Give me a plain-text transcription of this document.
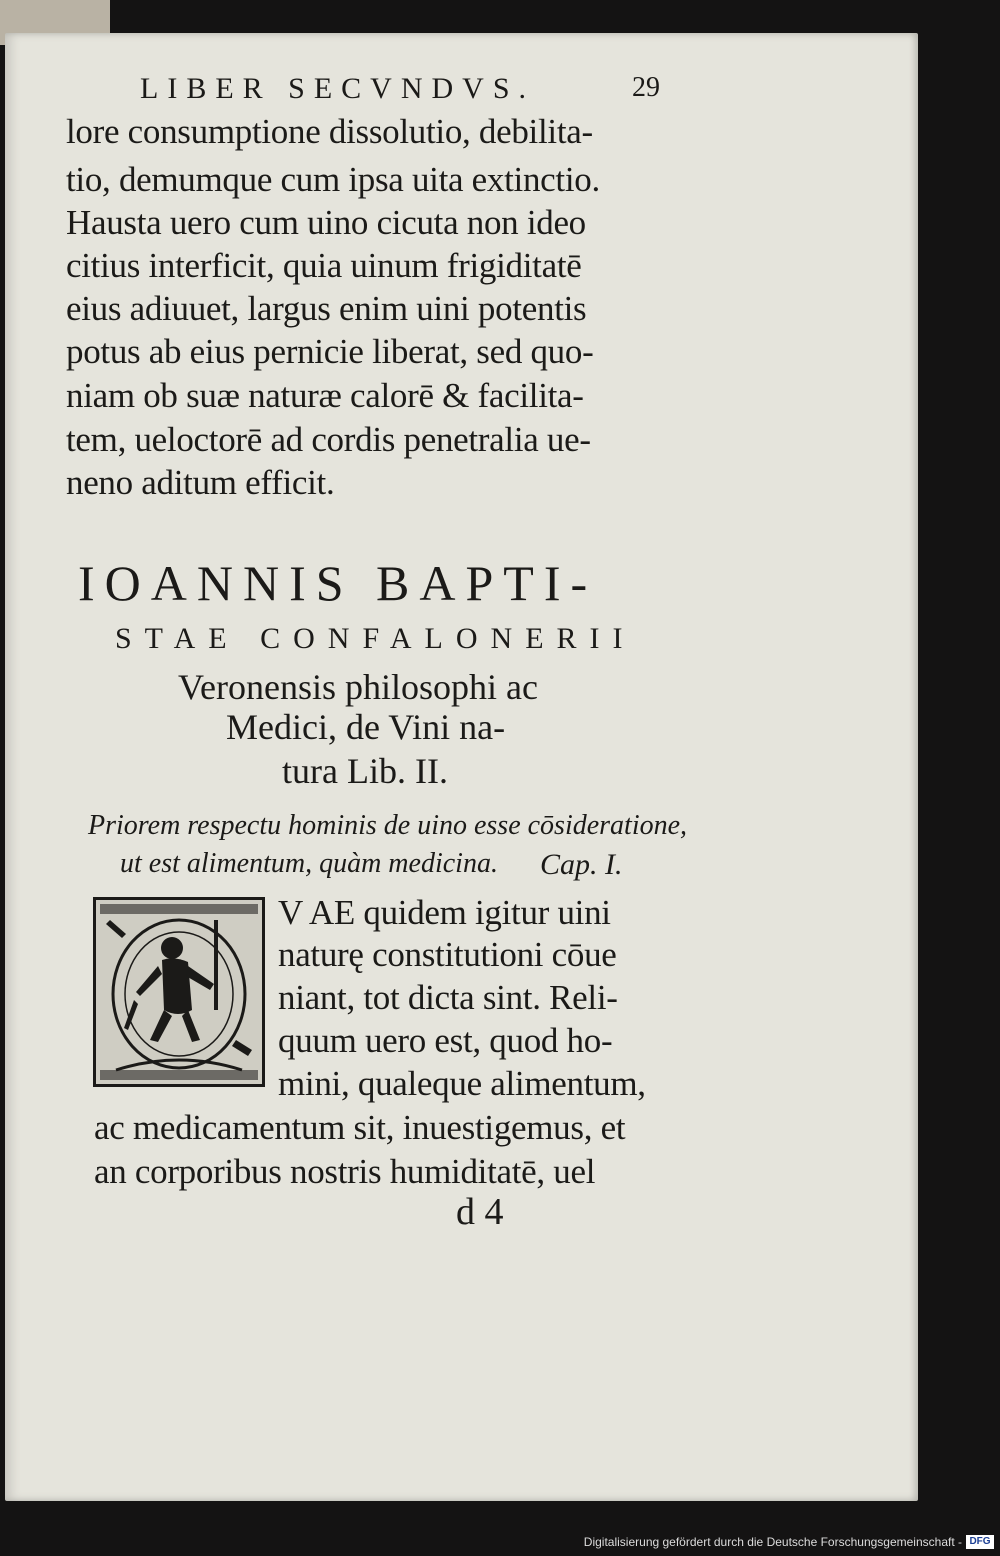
LIBER SECVNDVS.	29
lore consumptione dissolutio, debilita-
tio, demumque cum ipsa uita extinctio.
Hausta uero cum uino cicuta non ideo
citius interficit, quia uinum frigiditatē
eius adiuuet, largus enim uini potentis
potus ab eius pernicie liberat, sed quo-
niam ob suæ naturæ calorē & facilita-
tem, ueloctorē ad cordis penetralia ue-
neno aditum efficit.
IOANNIS BAPTI-
STAE CONFALONERII
Veronensis philosophi ac
Medici, de Vini na-
tura Lib. II.
Priorem respectu hominis de uino esse cōsideratione,
ut est alimentum, quàm medicina. Cap. I.
V AE quidem igitur uini
naturę constitutioni cōue
niant, tot dicta sint. Reli-
quum uero est, quod ho-
mini, qualeque alimentum,
ac medicamentum sit, inuestigemus, et
an corporibus nostris humiditatē, uel
d 4
Digitalisierung gefördert durch die Deutsche Forschungsgemeinschaft - DFG
